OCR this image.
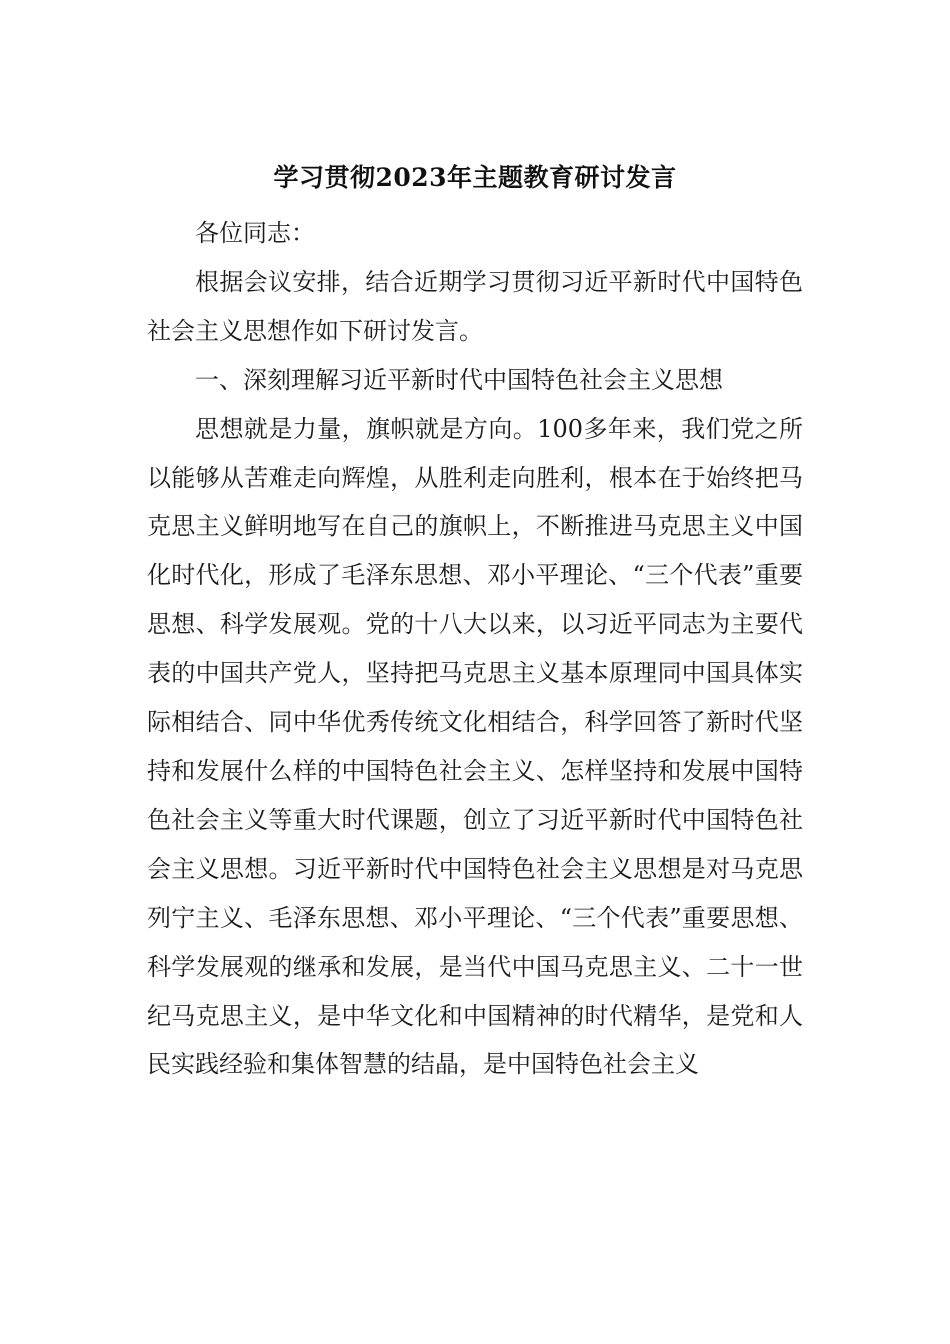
学习贯彻2023年主题教育研讨发言

各位同志：

根据会议安排，结合近期学习贯彻习近平新时代中国特色社会主义思想作如下研讨发言。

一、深刻理解习近平新时代中国特色社会主义思想

思想就是力量，旗帜就是方向。100多年来，我们党之所以能够从苦难走向辉煌，从胜利走向胜利，根本在于始终把马克思主义鲜明地写在自己的旗帜上，不断推进马克思主义中国化时代化，形成了毛泽东思想、邓小平理论、“三个代表”重要思想、科学发展观。党的十八大以来，以习近平同志为主要代表的中国共产党人，坚持把马克思主义基本原理同中国具体实际相结合、同中华优秀传统文化相结合，科学回答了新时代坚持和发展什么样的中国特色社会主义、怎样坚持和发展中国特色社会主义等重大时代课题，创立了习近平新时代中国特色社会主义思想。习近平新时代中国特色社会主义思想是对马克思列宁主义、毛泽东思想、邓小平理论、“三个代表”重要思想、科学发展观的继承和发展，是当代中国马克思主义、二十一世纪马克思主义，是中华文化和中国精神的时代精华，是党和人民实践经验和集体智慧的结晶，是中国特色社会主义
